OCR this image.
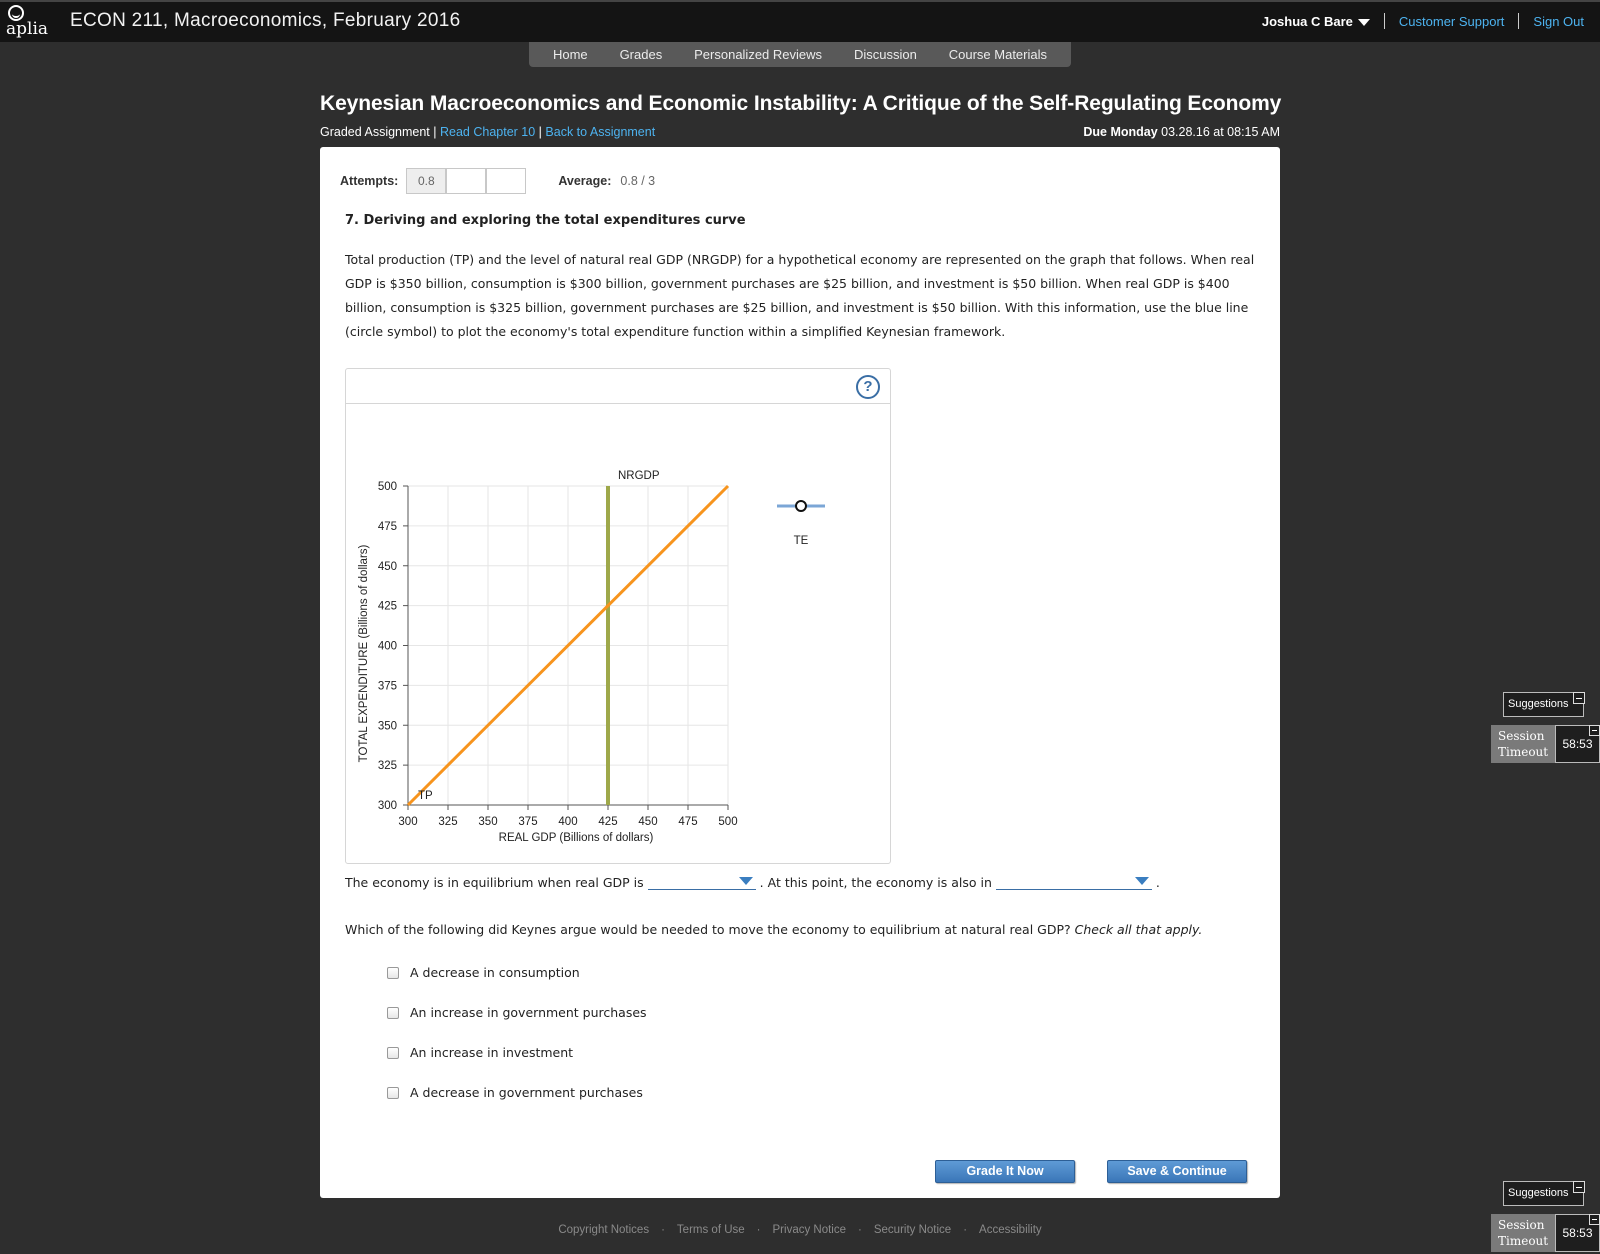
aplia ECON 211, Macroeconomics, February 2016	Joshua C Bare	Customer Support Sign Out
Home Grades Personalized Reviews Discussion Course Materials
Keynesian Macroeconomics and Economic Instability: A Critique of the Self-Regulating Economy
Graded Assignment | Read Chapter 10 | Back to Assignment	Due Monday 03.28.16 at 08:15 AM
Attempts:	0.8	Average: 0.8 / 3
7. Deriving and exploring the total expenditures curve
Total production (TP) and the level of natural real GDP (NRGDP) for a hypothetical economy are represented on the graph that follows. When real GDP is $350 billion, consumption is $300 billion, government purchases are $25 billion, and investment is $50 billion. When real GDP is $400 billion, consumption is $325 billion, government purchases are $25 billion, and investment is $50 billion. With this information, use the blue line (circle symbol) to plot the economy's total expenditure function within a simplified Keynesian framework.
?
300 325 350 375 400 425 450 475 500
300
325
350
375
400
425
450
475
500
REAL GDP (Billions of dollars)
TOTAL EXPENDITURE (Billions of dollars)
NRGDP
TP
TE
The economy is in equilibrium when real GDP is	. At this point, the economy is also in	.
Which of the following did Keynes argue would be needed to move the economy to equilibrium at natural real GDP? Check all that apply.
A decrease in consumption
An increase in government purchases
An increase in investment
A decrease in government purchases
Grade It Now	Save & Continue
Copyright Notices · Terms of Use · Privacy Notice · Security Notice · Accessibility
Suggestions
Session
Timeout
58:53
Suggestions
Session
Timeout
58:53
